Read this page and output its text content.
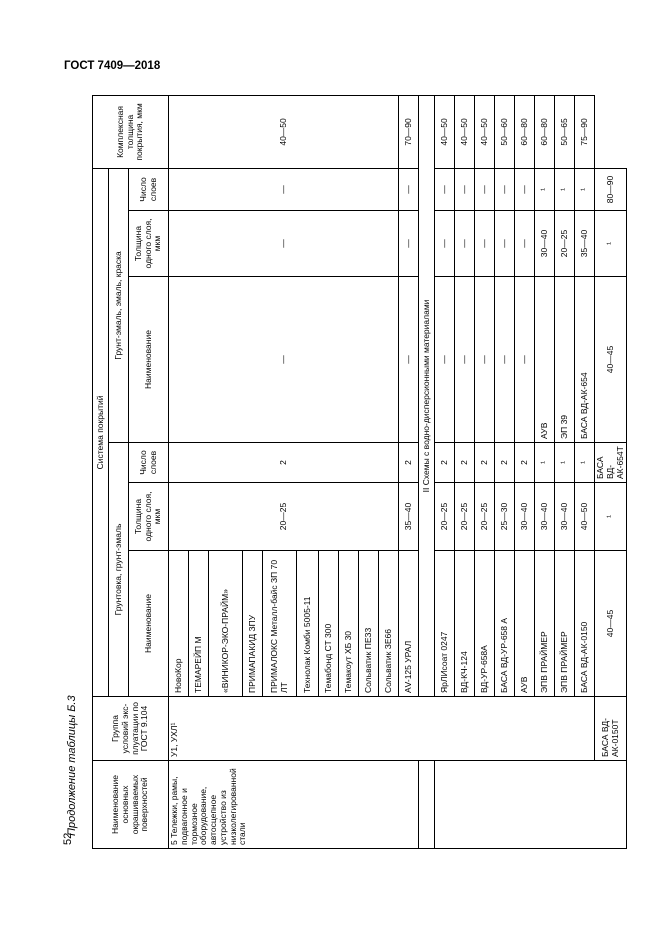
ГОСТ 7409—2018
52
Продолжение таблицы Б.3	Наименование основных окрашиваемых поверхностей	Группа условий экс-плуатации по ГОСТ 9.104	Система покрытий						Комплексная толщина покрытия, мкм
		Грунтовка, грунт-эмаль			Грунт-эмаль, эмаль, краска			
		Наименование	Толщина одного слоя, мкм	Число слоев	Наименование	Толщина одного слоя, мкм	Число слоев	
5 Тележки, рамы, подвагонное и тормозное оборудование, автосцепное устройство из низколегированной стали	У1, УХЛ¹	НовоКор	20—25	2	—	—	—	40—50
		ТЕМАРЕЙП М						
		«ВИНИКОР-ЭКО-ПРАЙМ»						
		ПРИМАПАКИД ЗПУ						
		ПРИМАЛОКС Металл-байс ЗП 70 ЛТ						
		Технолак Комби 5005-11						
		Темабонд СТ 300						
		Темакоут ХБ 30						
		Сольватик ПЕЗ3						
		Сольватик ЗЕ66						
		АV-125 УРАЛ	35—40	2	—	—	—	70—90
		II Схемы с водно-дисперсионными материалами						
		ЯрЛИсоат 0247	20—25	2	—	—	—	40—50
		ВД-КЧ-124	20—25	2	—	—	—	40—50
		ВД-УР-658А	20—25	2	—	—	—	40—50
		БАСА ВД-УР-658 А	25—30	2	—	—	—	50—60
		АУВ	30—40	2	—	—	—	60—80
		ЭПВ ПРАЙМЕР	30—40	¹	АУВ	30—40	¹	60—80
		ЭПВ ПРАЙМЕР	30—40	¹	ЭП 39	20—25	¹	50—65
		БАСА ВД-АК-0150	40—50	¹	БАСА ВД-АК-654	35—40	¹	75—90
	БАСА ВД-АК-0150Т	40—45	¹	БАСА ВД-АК-654Т	40—45	¹	80—90	
